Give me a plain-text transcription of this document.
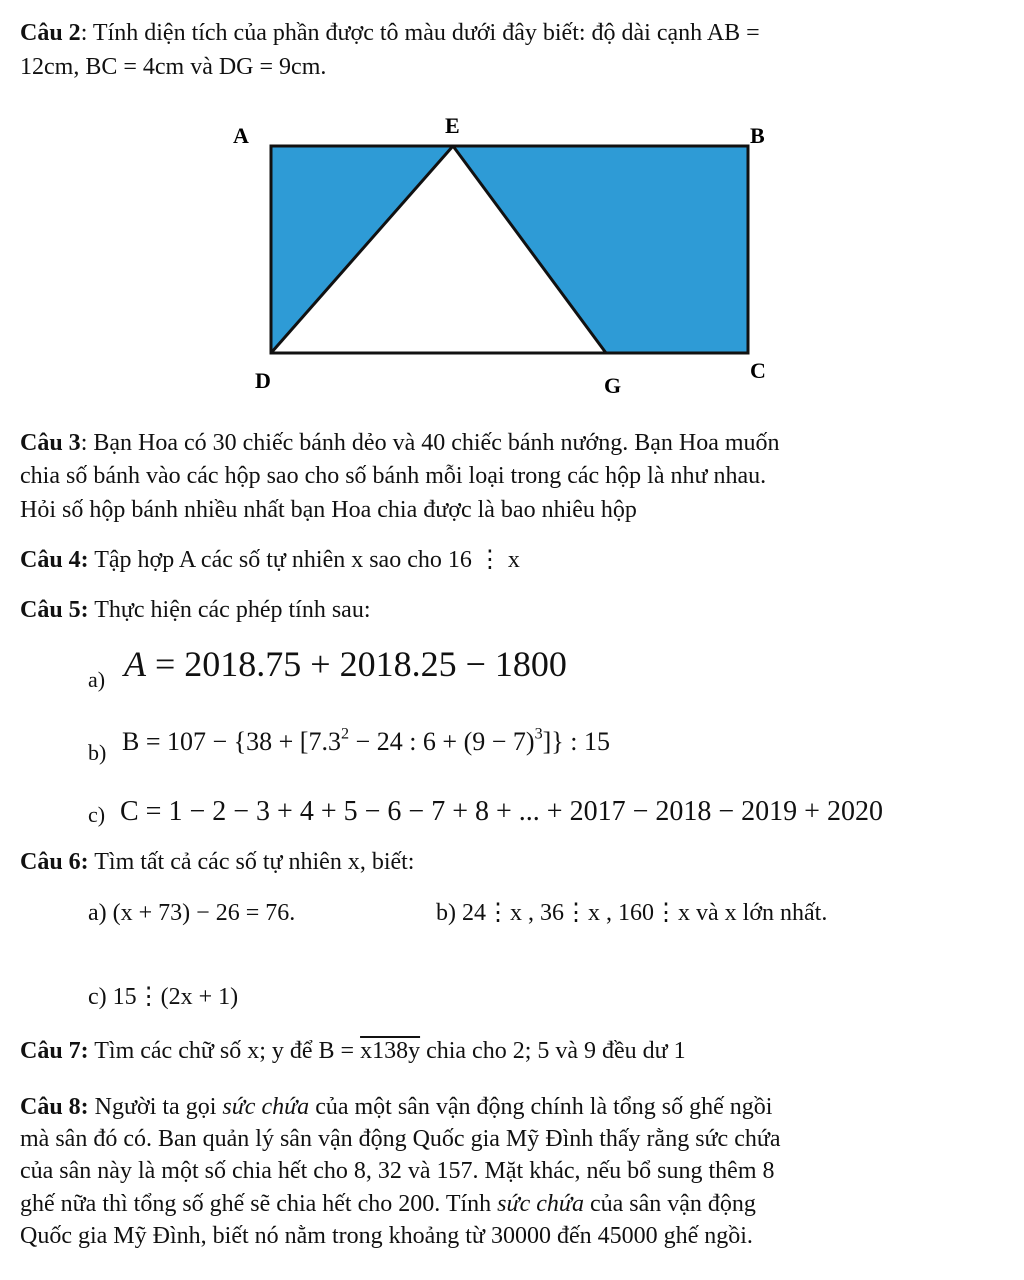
Câu 2: Tính diện tích của phần được tô màu dưới đây biết: độ dài cạnh AB =
12cm, BC = 4cm và DG = 9cm.
A	E	B
D	G
C
Câu 3: Bạn Hoa có 30 chiếc bánh dẻo và 40 chiếc bánh nướng. Bạn Hoa muốn
chia số bánh vào các hộp sao cho số bánh mỗi loại trong các hộp là như nhau.
Hỏi số hộp bánh nhiều nhất bạn Hoa chia được là bao nhiêu hộp
Câu 4: Tập hợp A các số tự nhiên x sao cho 16 ⋮ x
Câu 5: Thực hiện các phép tính sau:
a) A = 2018.75 + 2018.25 − 1800
b) $B = 107 - \{38 + [7.3^2 - 24$ : $6 + (9 - 7)^3$]} : 15
c) C = 1 − 2 − 3 + 4 + 5 − 6 − 7 + 8 + ... + 2017 − 2018 − 2019 + 2020
Câu 6: Tìm tất cả các số tự nhiên x, biết:
a) (x + 73) − 26 = 76.	b) 24⋮x , 36⋮x , 160⋮x và x lớn nhất.
c) 15⋮(2x + 1)
Câu 7: Tìm các chữ số x; y để B = x138y chia cho 2; 5 và 9 đều dư 1
Câu 8: Người ta gọi sức chứa của một sân vận động chính là tổng số ghế ngồi
mà sân đó có. Ban quản lý sân vận động Quốc gia Mỹ Đình thấy rằng sức chứa
của sân này là một số chia hết cho 8, 32 và 157. Mặt khác, nếu bổ sung thêm 8
ghế nữa thì tổng số ghế sẽ chia hết cho 200. Tính sức chứa của sân vận động
Quốc gia Mỹ Đình, biết nó nằm trong khoảng từ 30000 đến 45000 ghế ngồi.
